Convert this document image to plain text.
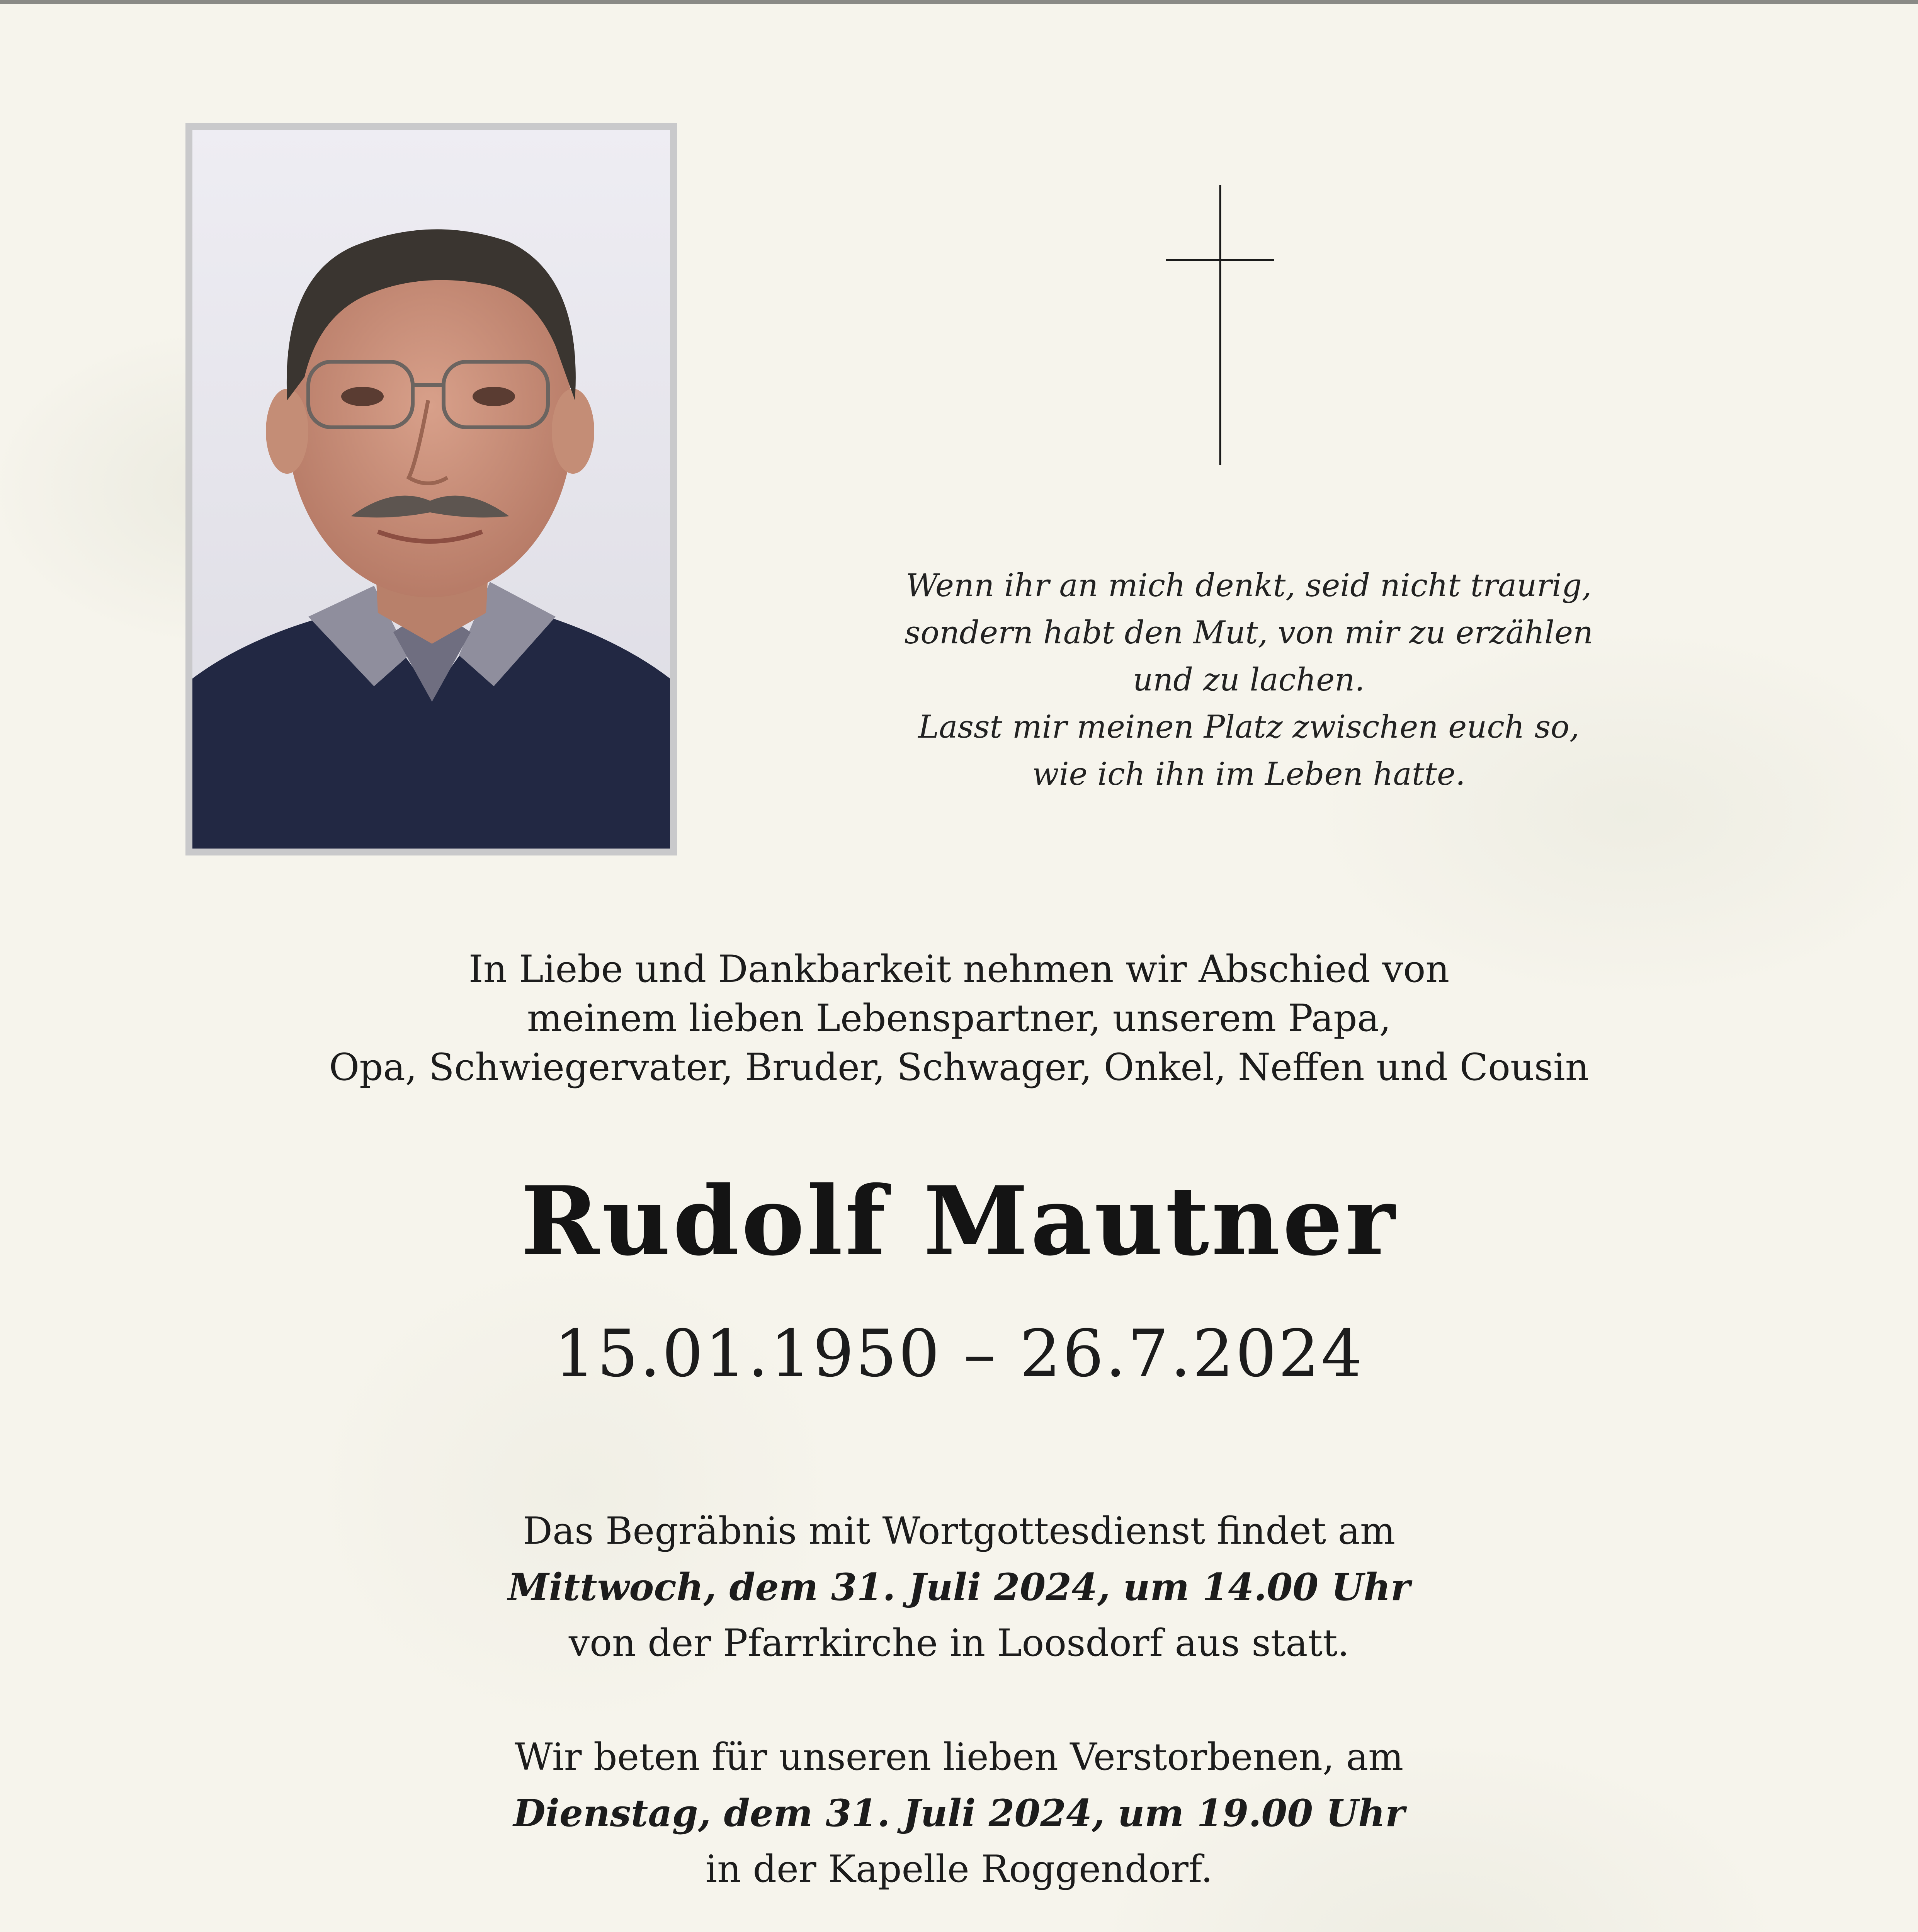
Wenn ihr an mich denkt, seid nicht traurig,
sondern habt den Mut, von mir zu erzählen
und zu lachen.
Lasst mir meinen Platz zwischen euch so,
wie ich ihn im Leben hatte.
In Liebe und Dankbarkeit nehmen wir Abschied von
meinem lieben Lebenspartner, unserem Papa,
Opa, Schwiegervater, Bruder, Schwager, Onkel, Neffen und Cousin
Rudolf Mautner
15.01.1950 – 26.7.2024
Das Begräbnis mit Wortgottesdienst findet am
Mittwoch, dem 31. Juli 2024, um 14.00 Uhr
von der Pfarrkirche in Loosdorf aus statt.
Wir beten für unseren lieben Verstorbenen, am
Dienstag, dem 31. Juli 2024, um 19.00 Uhr
in der Kapelle Roggendorf.
